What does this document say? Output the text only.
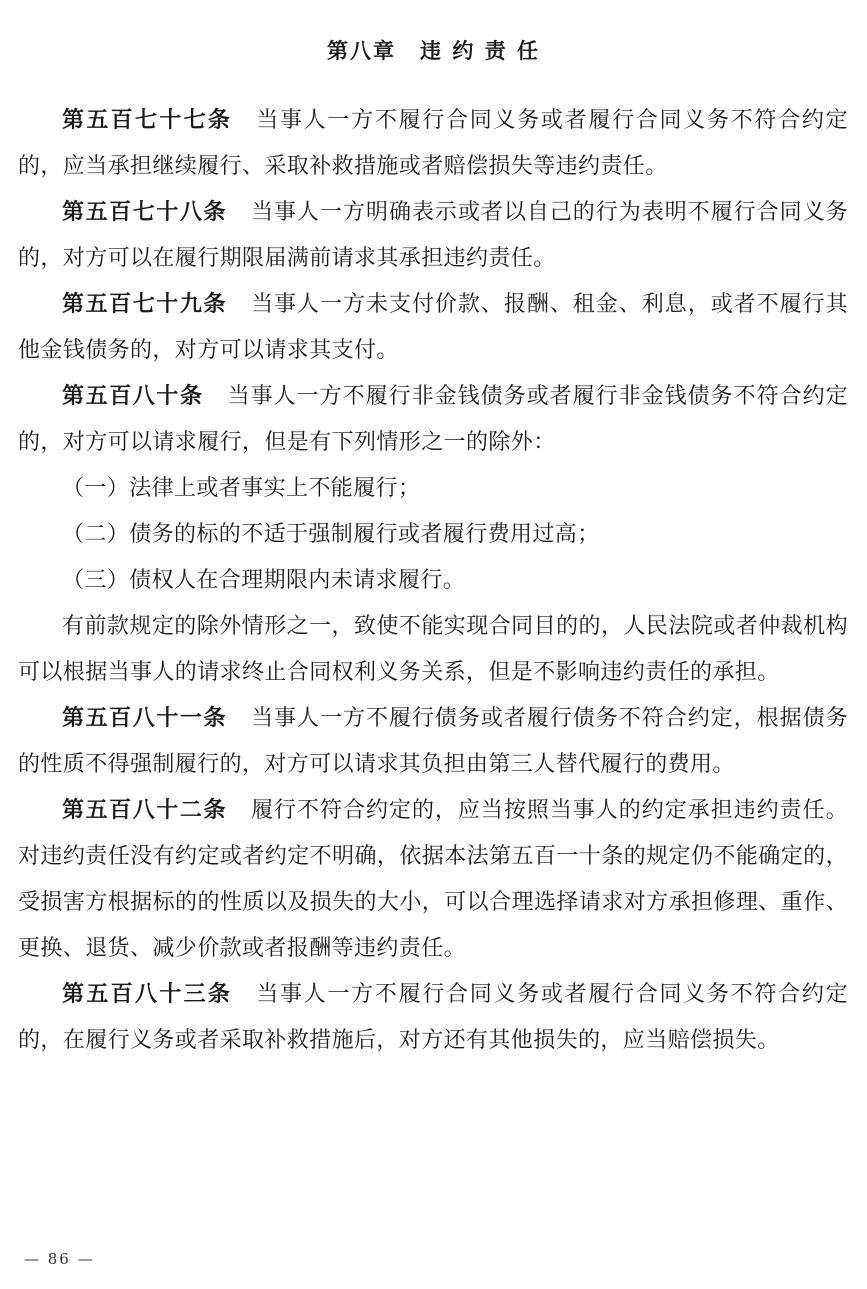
第八章 违 约 责 任

第五百七十七条 当事人一方不履行合同义务或者履行合同义务不符合约定的，应当承担继续履行、采取补救措施或者赔偿损失等违约责任。

第五百七十八条 当事人一方明确表示或者以自己的行为表明不履行合同义务的，对方可以在履行期限届满前请求其承担违约责任。

第五百七十九条 当事人一方未支付价款、报酬、租金、利息，或者不履行其他金钱债务的，对方可以请求其支付。

第五百八十条 当事人一方不履行非金钱债务或者履行非金钱债务不符合约定的，对方可以请求履行，但是有下列情形之一的除外：

（一）法律上或者事实上不能履行；

（二）债务的标的不适于强制履行或者履行费用过高；

（三）债权人在合理期限内未请求履行。

有前款规定的除外情形之一，致使不能实现合同目的的，人民法院或者仲裁机构可以根据当事人的请求终止合同权利义务关系，但是不影响违约责任的承担。

第五百八十一条 当事人一方不履行债务或者履行债务不符合约定，根据债务的性质不得强制履行的，对方可以请求其负担由第三人替代履行的费用。

第五百八十二条 履行不符合约定的，应当按照当事人的约定承担违约责任。对违约责任没有约定或者约定不明确，依据本法第五百一十条的规定仍不能确定的，受损害方根据标的的性质以及损失的大小，可以合理选择请求对方承担修理、重作、更换、退货、减少价款或者报酬等违约责任。

第五百八十三条 当事人一方不履行合同义务或者履行合同义务不符合约定的，在履行义务或者采取补救措施后，对方还有其他损失的，应当赔偿损失。

— 86 —
